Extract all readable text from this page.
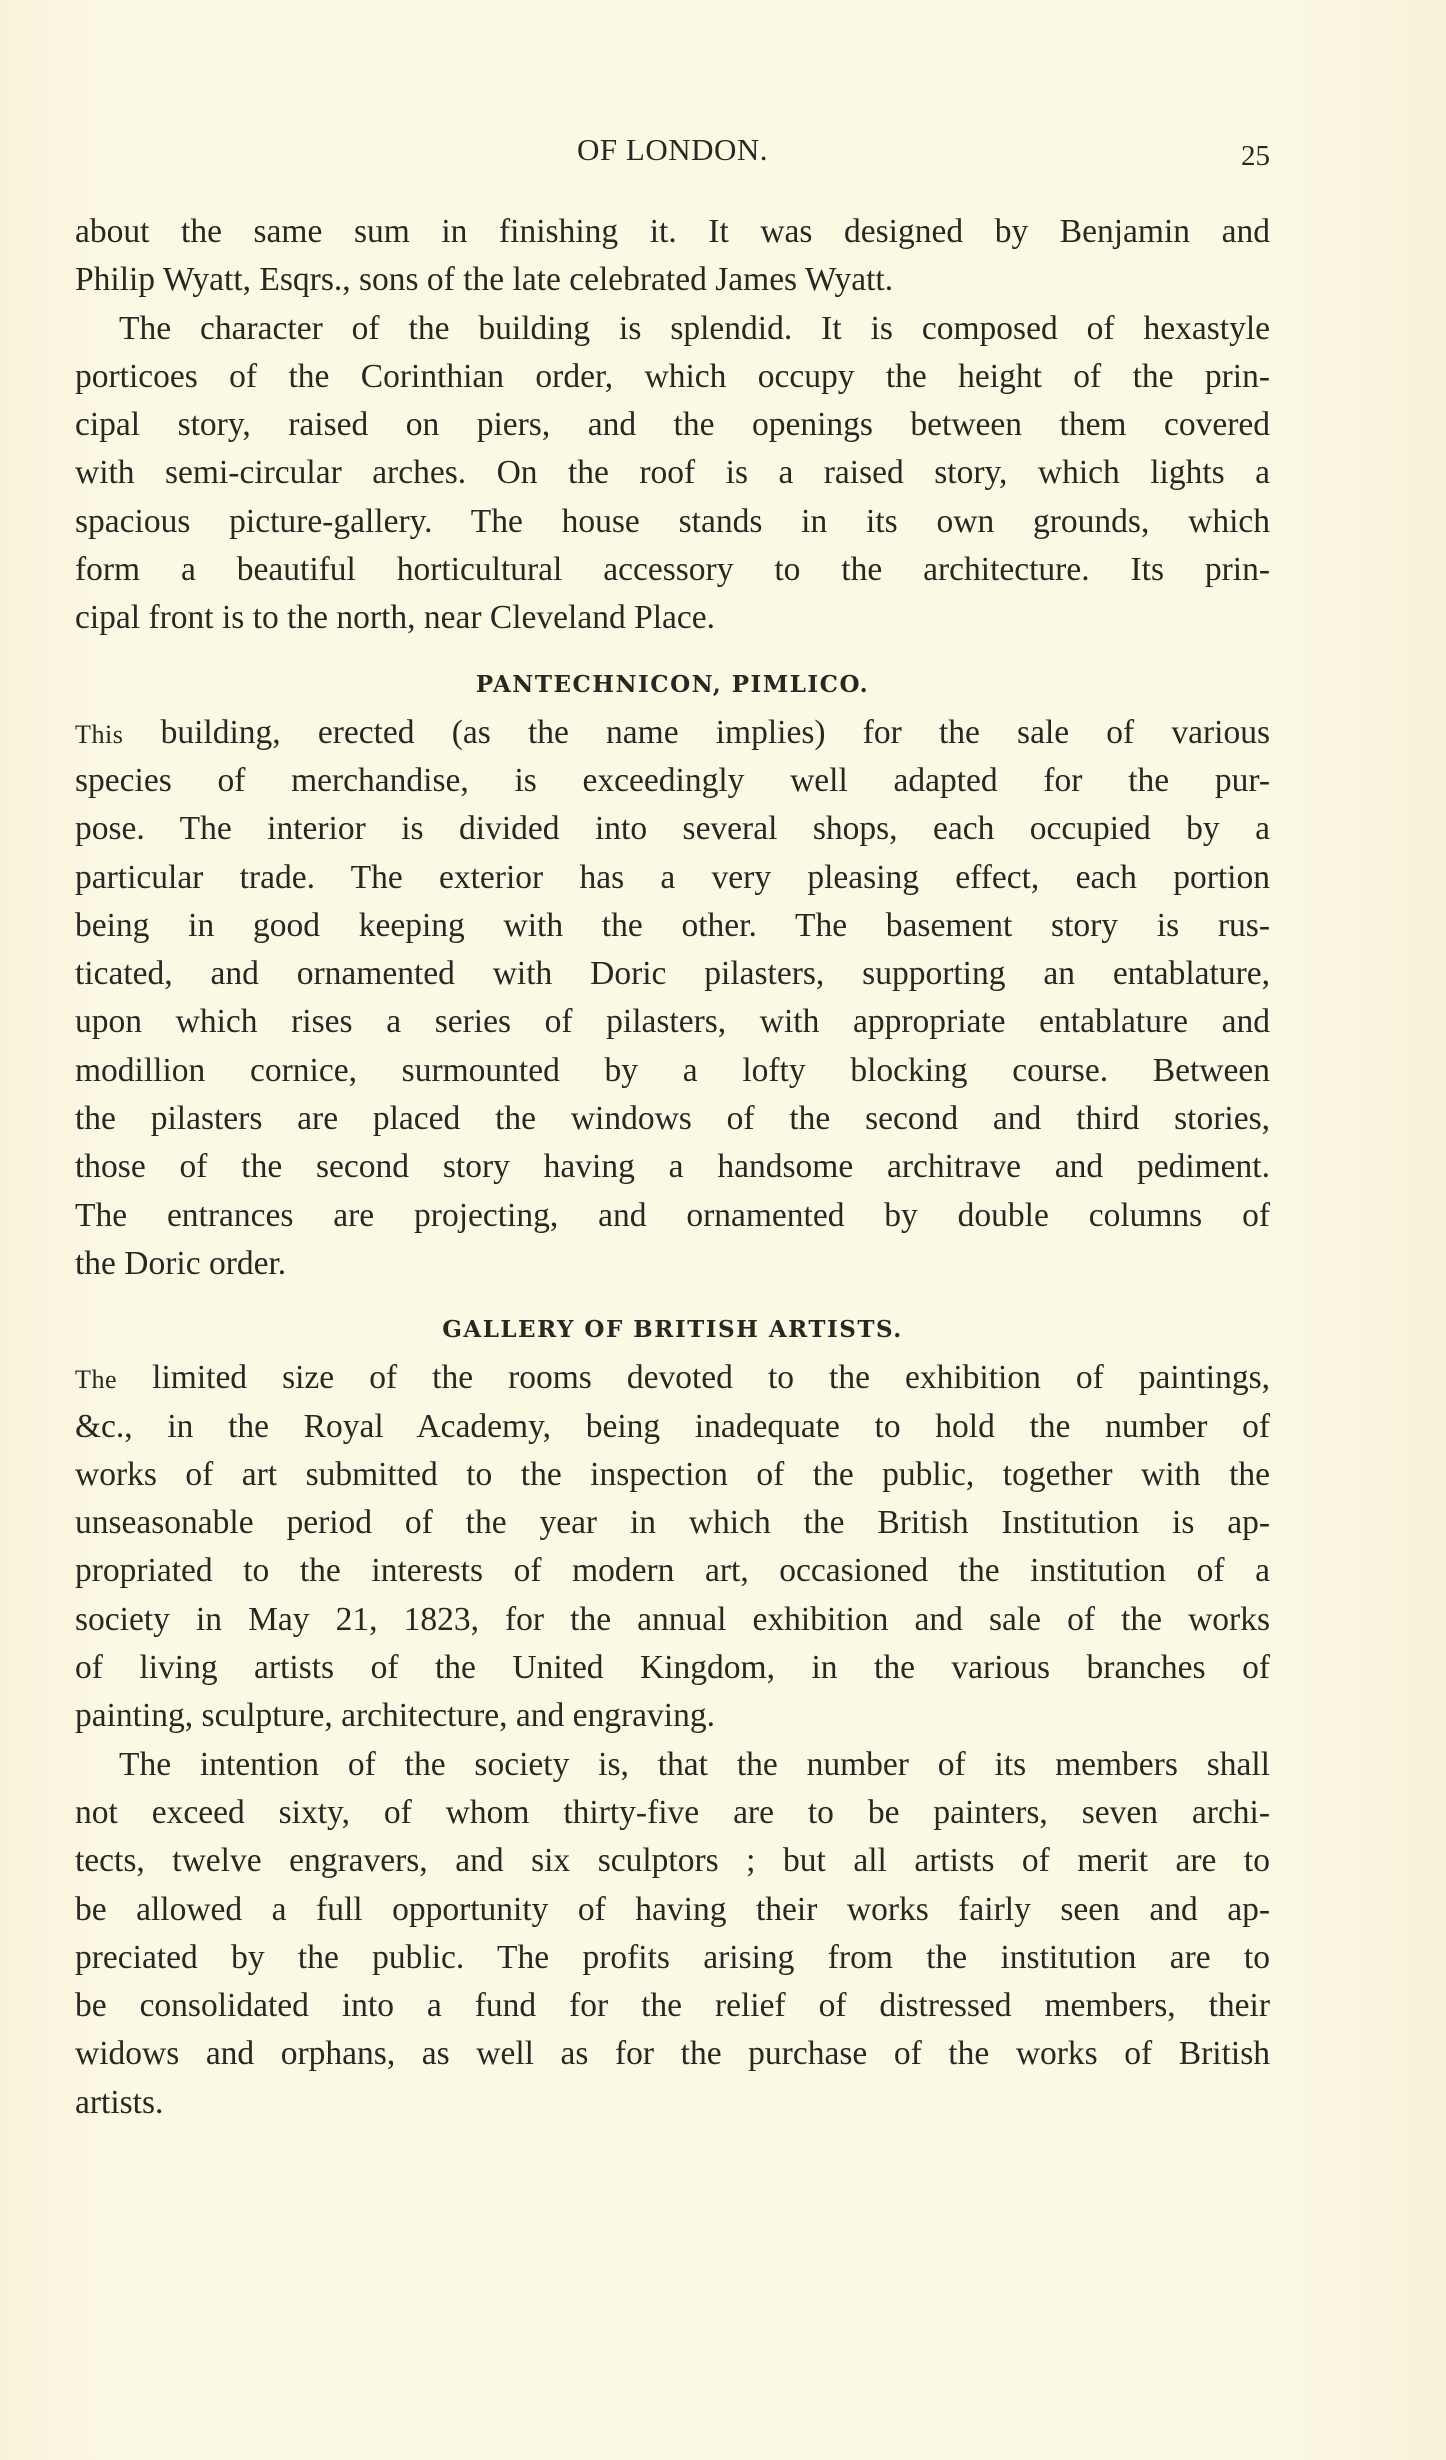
OF LONDON.	25
about the same sum in finishing it. It was designed by Benjamin and
Philip Wyatt, Esqrs., sons of the late celebrated James Wyatt.
The character of the building is splendid. It is composed of hexastyle
porticoes of the Corinthian order, which occupy the height of the prin-
cipal story, raised on piers, and the openings between them covered
with semi-circular arches. On the roof is a raised story, which lights a
spacious picture-gallery. The house stands in its own grounds, which
form a beautiful horticultural accessory to the architecture. Its prin-
cipal front is to the north, near Cleveland Place.
PANTECHNICON, PIMLICO.
This building, erected (as the name implies) for the sale of various
species of merchandise, is exceedingly well adapted for the pur-
pose. The interior is divided into several shops, each occupied by a
particular trade. The exterior has a very pleasing effect, each portion
being in good keeping with the other. The basement story is rus-
ticated, and ornamented with Doric pilasters, supporting an entablature,
upon which rises a series of pilasters, with appropriate entablature and
modillion cornice, surmounted by a lofty blocking course. Between
the pilasters are placed the windows of the second and third stories,
those of the second story having a handsome architrave and pediment.
The entrances are projecting, and ornamented by double columns of
the Doric order.
GALLERY OF BRITISH ARTISTS.
The limited size of the rooms devoted to the exhibition of paintings,
&c., in the Royal Academy, being inadequate to hold the number of
works of art submitted to the inspection of the public, together with the
unseasonable period of the year in which the British Institution is ap-
propriated to the interests of modern art, occasioned the institution of a
society in May 21, 1823, for the annual exhibition and sale of the works
of living artists of the United Kingdom, in the various branches of
painting, sculpture, architecture, and engraving.
The intention of the society is, that the number of its members shall
not exceed sixty, of whom thirty-five are to be painters, seven archi-
tects, twelve engravers, and six sculptors ; but all artists of merit are to
be allowed a full opportunity of having their works fairly seen and ap-
preciated by the public. The profits arising from the institution are to
be consolidated into a fund for the relief of distressed members, their
widows and orphans, as well as for the purchase of the works of British
artists.
